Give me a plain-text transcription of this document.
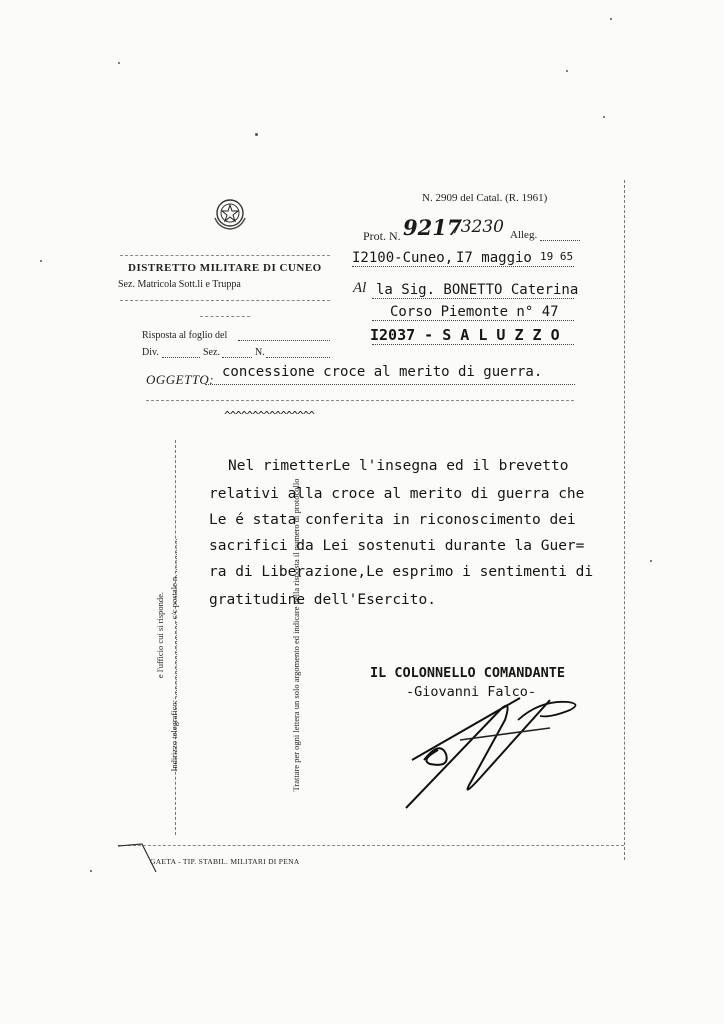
N. 2909 del Catal. (R. 1961)
Prot. N. 9217
/3230 Alleg.
DISTRETTO MILITARE DI CUNEO
Sez. Matricola Sott.li e Truppa
Risposta al foglio del
Div.	Sez.	N.
I2100-Cuneo, I7 maggio 19 65
Al la Sig. BONETTO Caterina
Corso Piemonte n° 47
I2037 - S A L U Z Z O
OGGETTO: concessione croce al merito di guerra.
^^^^^^^^^^^^^^^^
Trattare per ogni lettera un solo argomento ed indicare nella risposta il numero di protocollo
e l'ufficio cui si risponde. Indirizzo telegrafico: .................................... c/c postale n. ................
Nel rimetterLe l'insegna ed il brevetto
relativi alla croce al merito di guerra che
Le é stata conferita in riconoscimento dei
sacrifici da Lei sostenuti durante la Guer=
ra di Liberazione,Le esprimo i sentimenti di
gratitudine dell'Esercito.
IL COLONNELLO COMANDANTE
-Giovanni Falco-
GAETA - TIP. STABIL. MILITARI DI PENA
